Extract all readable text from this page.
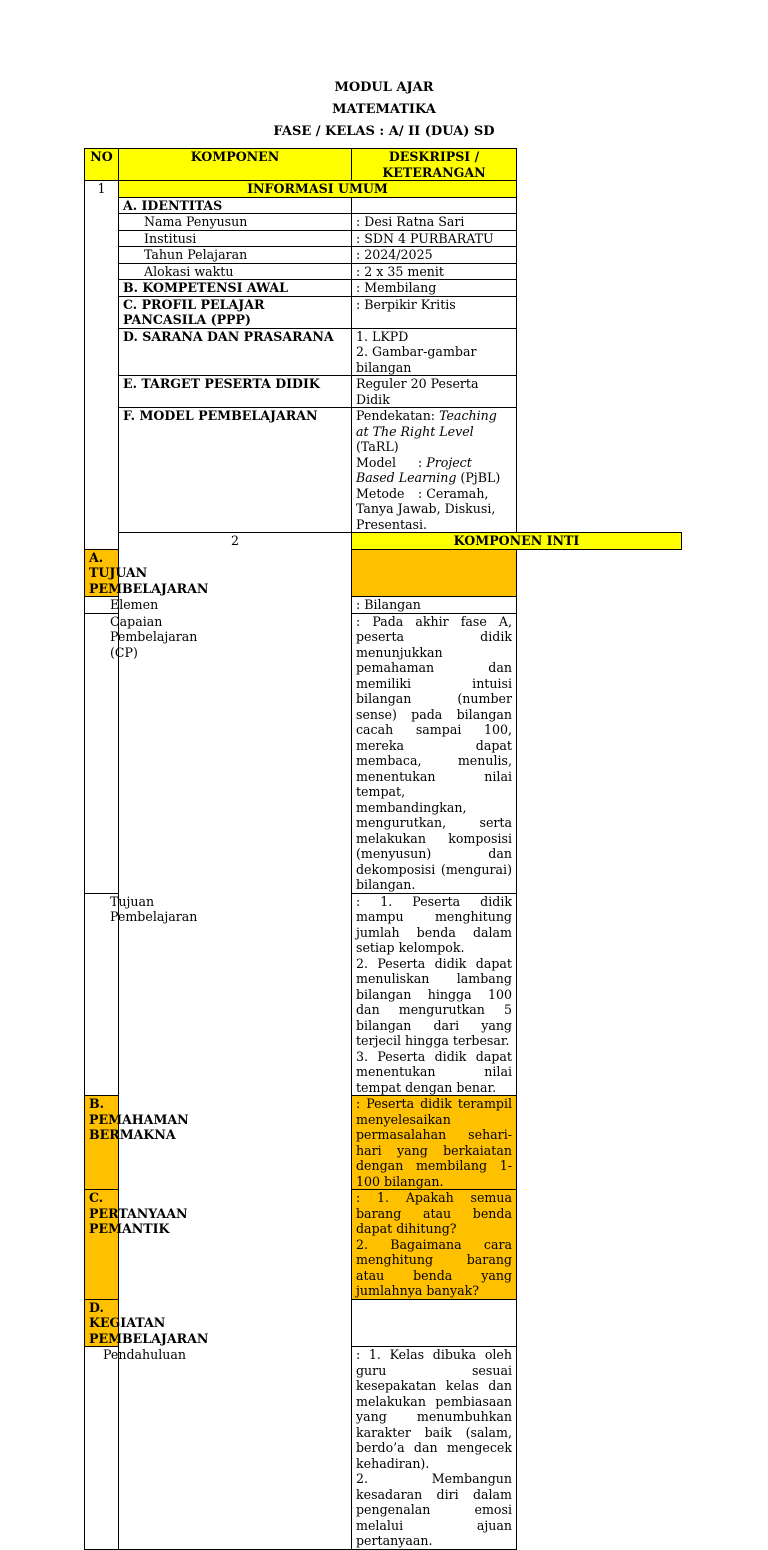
MODUL AJAR
MATEMATIKA
FASE / KELAS : A/ II (DUA) SD
NO	KOMPONEN	DESKRIPSI / KETERANGAN
1	INFORMASI UMUM	
	A. IDENTITAS	
	Nama Penyusun	: Desi Ratna Sari
	Institusi	: SDN 4 PURBARATU
	Tahun Pelajaran	: 2024/2025
	Alokasi waktu	: 2 x 35 menit
	B. KOMPETENSI AWAL	: Membilang
	C. PROFIL PELAJAR PANCASILA (PPP)	: Berpikir Kritis
	D. SARANA DAN PRASARANA	1. LKPD
2. Gambar-gambar bilangan

	E. TARGET PESERTA DIDIK	Reguler 20 Peserta Didik
	F. MODEL PEMBELAJARAN	Pendekatan: Teaching at The Right Level (TaRL)
Model : Project Based Learning (PjBL)
Metode : Ceramah, Tanya Jawab, Diskusi, Presentasi.

	2	KOMPONEN INTI
A. TUJUAN PEMBELAJARAN		
Elemen		: Bilangan
Capaian Pembelajaran (CP)		: Pada akhir fase A, peserta didik menunjukkan pemahaman dan memiliki intuisi bilangan (number sense) pada bilangan cacah sampai 100, mereka dapat membaca, menulis, menentukan nilai tempat, membandingkan, mengurutkan, serta melakukan komposisi (menyusun) dan dekomposisi (mengurai) bilangan.
Tujuan Pembelajaran		: 1. Peserta didik mampu menghitung jumlah benda dalam setiap kelompok.
2. Peserta didik dapat menuliskan lambang bilangan hingga 100 dan mengurutkan 5 bilangan dari yang terjecil hingga terbesar.
3. Peserta didik dapat menentukan nilai tempat dengan benar.

B. PEMAHAMAN BERMAKNA		: Peserta didik terampil menyelesaikan permasalahan sehari-hari yang berkaiatan dengan membilang 1-100 bilangan.
C. PERTANYAAN PEMANTIK		: 1. Apakah semua barang atau benda dapat dihitung?
2. Bagaimana cara menghitung barang atau benda yang jumlahnya banyak?

D. KEGIATAN PEMBELAJARAN		
Pendahuluan		: 1. Kelas dibuka oleh guru sesuai kesepakatan kelas dan melakukan pembiasaan yang menumbuhkan karakter baik (salam, berdo’a dan mengecek kehadiran).
2. Membangun kesadaran diri dalam pengenalan emosi melalui ajuan pertanyaan.
